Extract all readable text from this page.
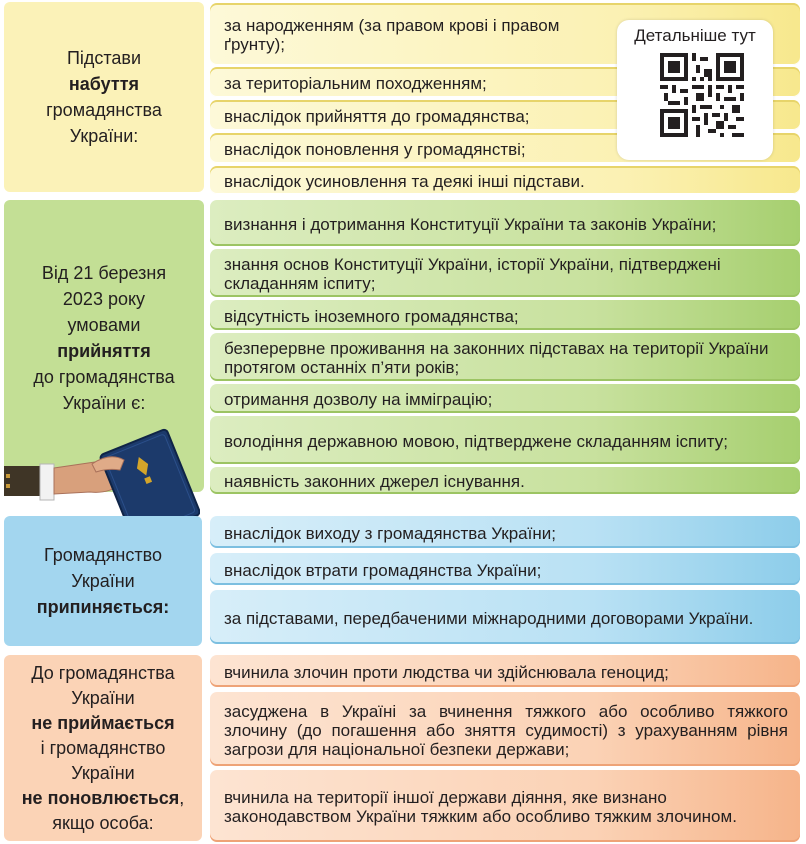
Підстави
набуття
громадянства
України:
за народженням (за правом крові і правом ґрунту);
за територіальним походженням;
внаслідок прийняття до громадянства;
внаслідок поновлення у громадянстві;
внаслідок усиновлення та деякі інші підстави.
Детальніше тут
Від 21 березня
2023 року
умовами
прийняття
до громадянства
України є:
визнання і дотримання Конституції України та законів України;
знання основ Конституції України, історії України, підтверджені складанням іспиту;
відсутність іноземного громадянства;
безперервне проживання на законних підставах на території України протягом останніх п’яти років;
отримання дозволу на імміграцію;
володіння державною мовою, підтверджене складанням іспиту;
наявність законних джерел існування.
Громадянство
України
припиняється:
внаслідок виходу з громадянства України;
внаслідок втрати громадянства України;
за підставами, передбаченими міжнародними договорами України.
До громадянства
України
не приймається
і громадянство
України
не поновлюється,
якщо особа:
вчинила злочин проти людства чи здійснювала геноцид;
засуджена в Україні за вчинення тяжкого або особливо тяжкого злочину (до погашення або зняття судимості) з урахуванням рівня загрози для національної безпеки держави;
вчинила на території іншої держави діяння, яке визнано законодавством України тяжким або особливо тяжким злочином.
